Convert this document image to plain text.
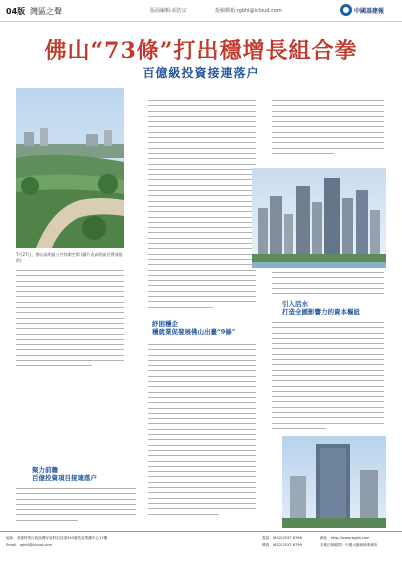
04版 灣區之聲	版面編輯:胡浩宗	投稿郵箱:rgbhl@icloud.com	中國基建報
佛山“73條”打出穩增長組合拳
百億級投資接連落户
7月27日，佛山高明區公共休閑空間 (圖片由高明區宣傳部提供)
引入活水
打造全國影響力的資本樞紐
紓困穩企
穩就業促發展佛山出臺“9條”
聚力前瞻
百億投資項目接連落户
地址：香港特別行政區灣仔區軒尼詩道353號英皇集團中心17樓	電話：(852)2537 8766	網址：http://www.zgjsb.com
Email：rgbhl@icloud.com	傳真：(852)2537 8799	本報法律顧問：中國大橋律師事務所
